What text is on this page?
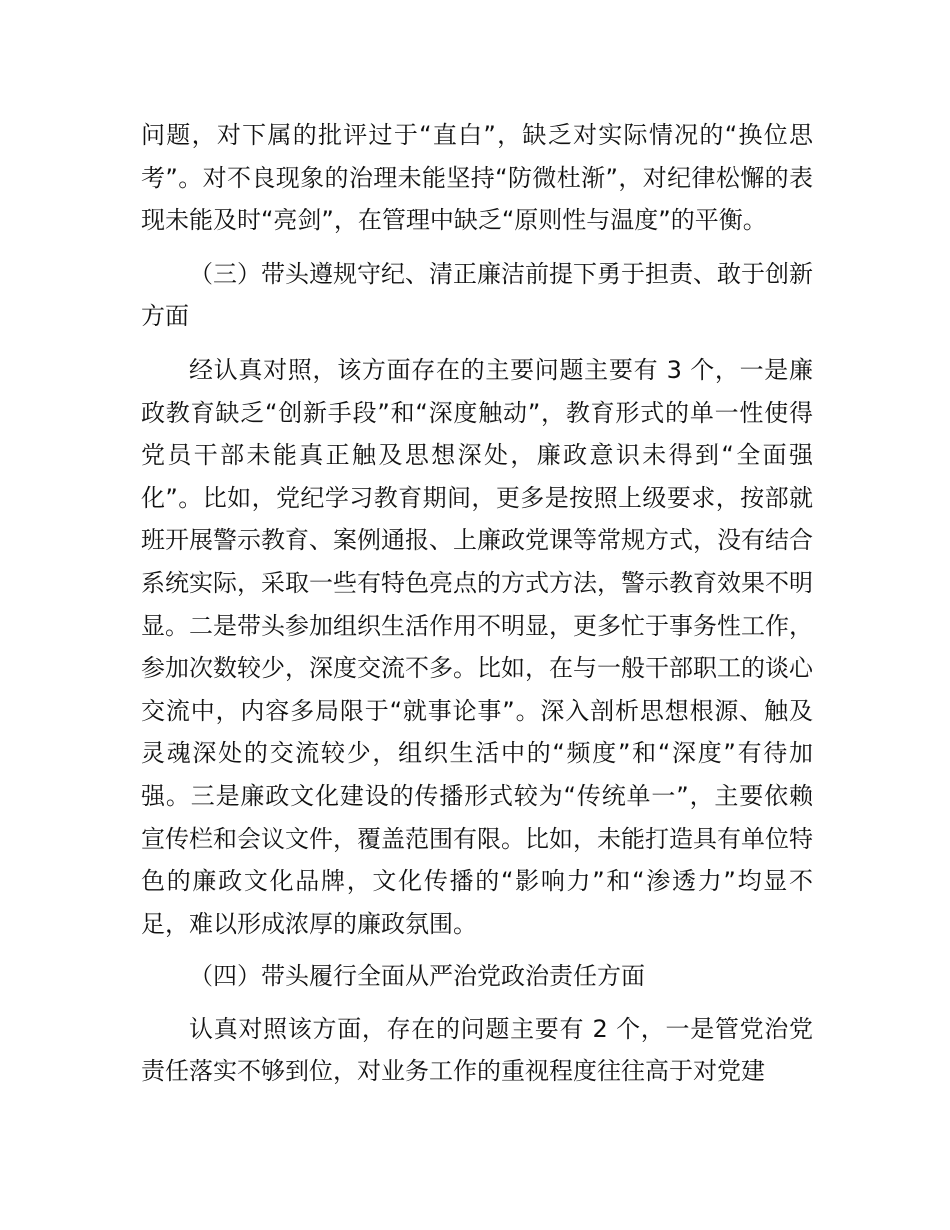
问题，对下属的批评过于“直白”，缺乏对实际情况的“换位思考”。对不良现象的治理未能坚持“防微杜渐”，对纪律松懈的表现未能及时“亮剑”，在管理中缺乏“原则性与温度”的平衡。

（三）带头遵规守纪、清正廉洁前提下勇于担责、敢于创新方面

经认真对照，该方面存在的主要问题主要有 3 个，一是廉政教育缺乏“创新手段”和“深度触动”，教育形式的单一性使得党员干部未能真正触及思想深处，廉政意识未得到“全面强化”。比如，党纪学习教育期间，更多是按照上级要求，按部就班开展警示教育、案例通报、上廉政党课等常规方式，没有结合系统实际，采取一些有特色亮点的方式方法，警示教育效果不明显。二是带头参加组织生活作用不明显，更多忙于事务性工作，参加次数较少，深度交流不多。比如，在与一般干部职工的谈心交流中，内容多局限于“就事论事”。深入剖析思想根源、触及灵魂深处的交流较少，组织生活中的“频度”和“深度”有待加强。三是廉政文化建设的传播形式较为“传统单一”，主要依赖宣传栏和会议文件，覆盖范围有限。比如，未能打造具有单位特色的廉政文化品牌，文化传播的“影响力”和“渗透力”均显不足，难以形成浓厚的廉政氛围。

（四）带头履行全面从严治党政治责任方面

认真对照该方面，存在的问题主要有 2 个，一是管党治党责任落实不够到位，对业务工作的重视程度往往高于对党建
